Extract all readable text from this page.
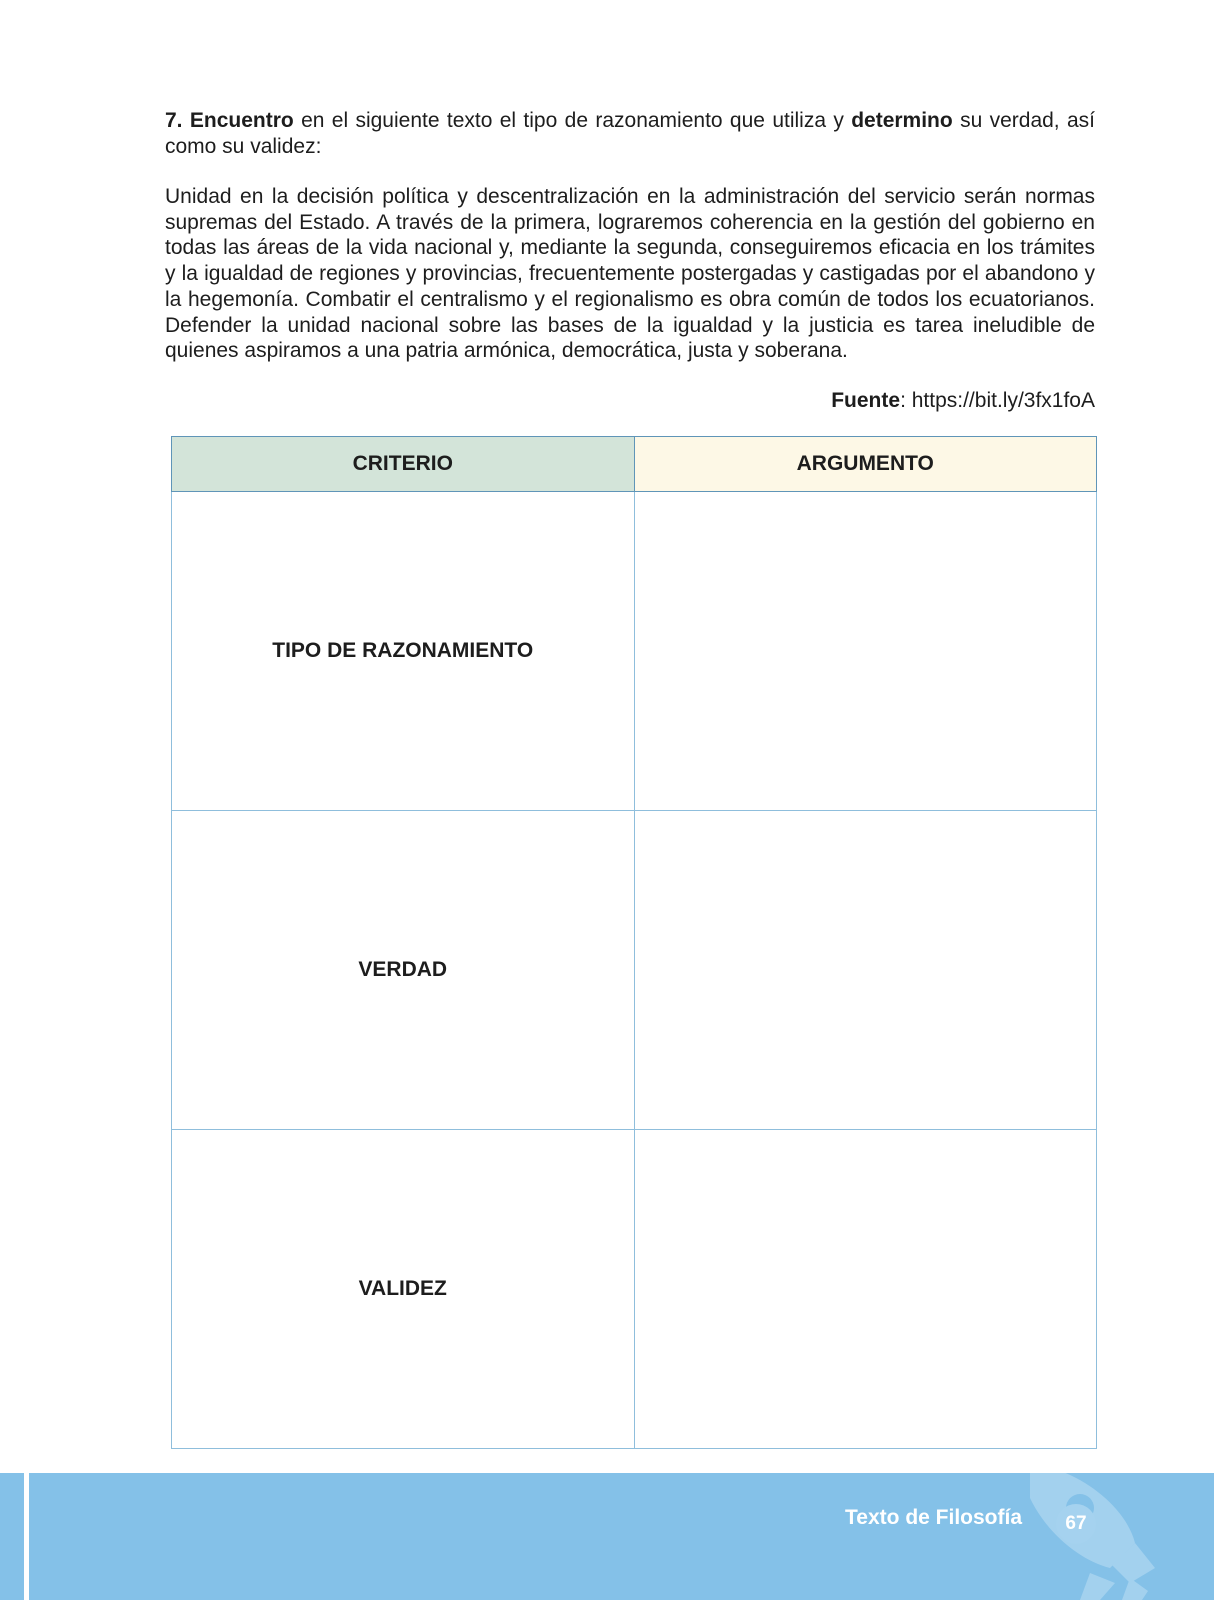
7. Encuentro en el siguiente texto el tipo de razonamiento que utiliza y determino su verdad, así como su validez:

Unidad en la decisión política y descentralización en la administración del servicio serán normas supremas del Estado. A través de la primera, lograremos coherencia en la gestión del gobierno en todas las áreas de la vida nacional y, mediante la segunda, conseguiremos eficacia en los trámites y la igualdad de regiones y provincias, frecuentemente postergadas y castigadas por el abandono y la hegemonía. Combatir el centralismo y el regionalismo es obra común de todos los ecuatorianos. Defender la unidad nacional sobre las bases de la igualdad y la justicia es tarea ineludible de quienes aspiramos a una patria armónica, democrática, justa y soberana.

Fuente: https://bit.ly/3fx1foA

CRITERIO	ARGUMENTO
TIPO DE RAZONAMIENTO	
VERDAD	
VALIDEZ	
Texto de Filosofía	67
